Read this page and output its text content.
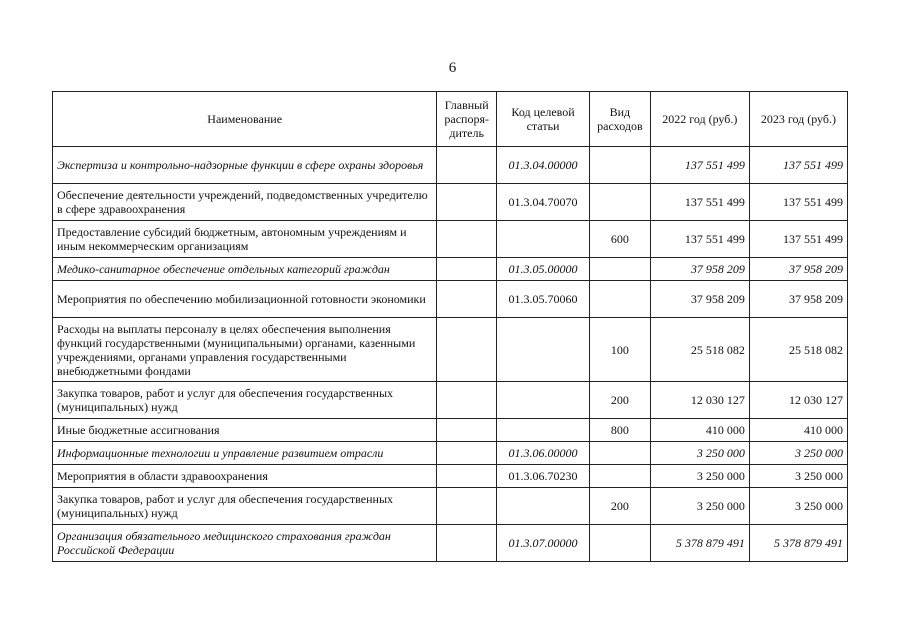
6
Наименование	Главный распоря-дитель	Код целевой статьи	Вид расходов	2022 год (руб.)	2023 год (руб.)
Экспертиза и контрольно-надзорные функции в сфере охраны здоровья		01.3.04.00000		137 551 499	137 551 499
Обеспечение деятельности учреждений, подведомственных учредителю в сфере здравоохранения		01.3.04.70070		137 551 499	137 551 499
Предоставление субсидий бюджетным, автономным учреждениям и иным некоммерческим организациям			600	137 551 499	137 551 499
Медико-санитарное обеспечение отдельных категорий граждан		01.3.05.00000		37 958 209	37 958 209
Мероприятия по обеспечению мобилизационной готовности экономики		01.3.05.70060		37 958 209	37 958 209
Расходы на выплаты персоналу в целях обеспечения выполнения функций государственными (муниципальными) органами, казенными учреждениями, органами управления государственными внебюджетными фондами			100	25 518 082	25 518 082
Закупка товаров, работ и услуг для обеспечения государственных (муниципальных) нужд			200	12 030 127	12 030 127
Иные бюджетные ассигнования			800	410 000	410 000
Информационные технологии и управление развитием отрасли		01.3.06.00000		3 250 000	3 250 000
Мероприятия в области здравоохранения		01.3.06.70230		3 250 000	3 250 000
Закупка товаров, работ и услуг для обеспечения государственных (муниципальных) нужд			200	3 250 000	3 250 000
Организация обязательного медицинского страхования граждан Российской Федерации		01.3.07.00000		5 378 879 491	5 378 879 491
